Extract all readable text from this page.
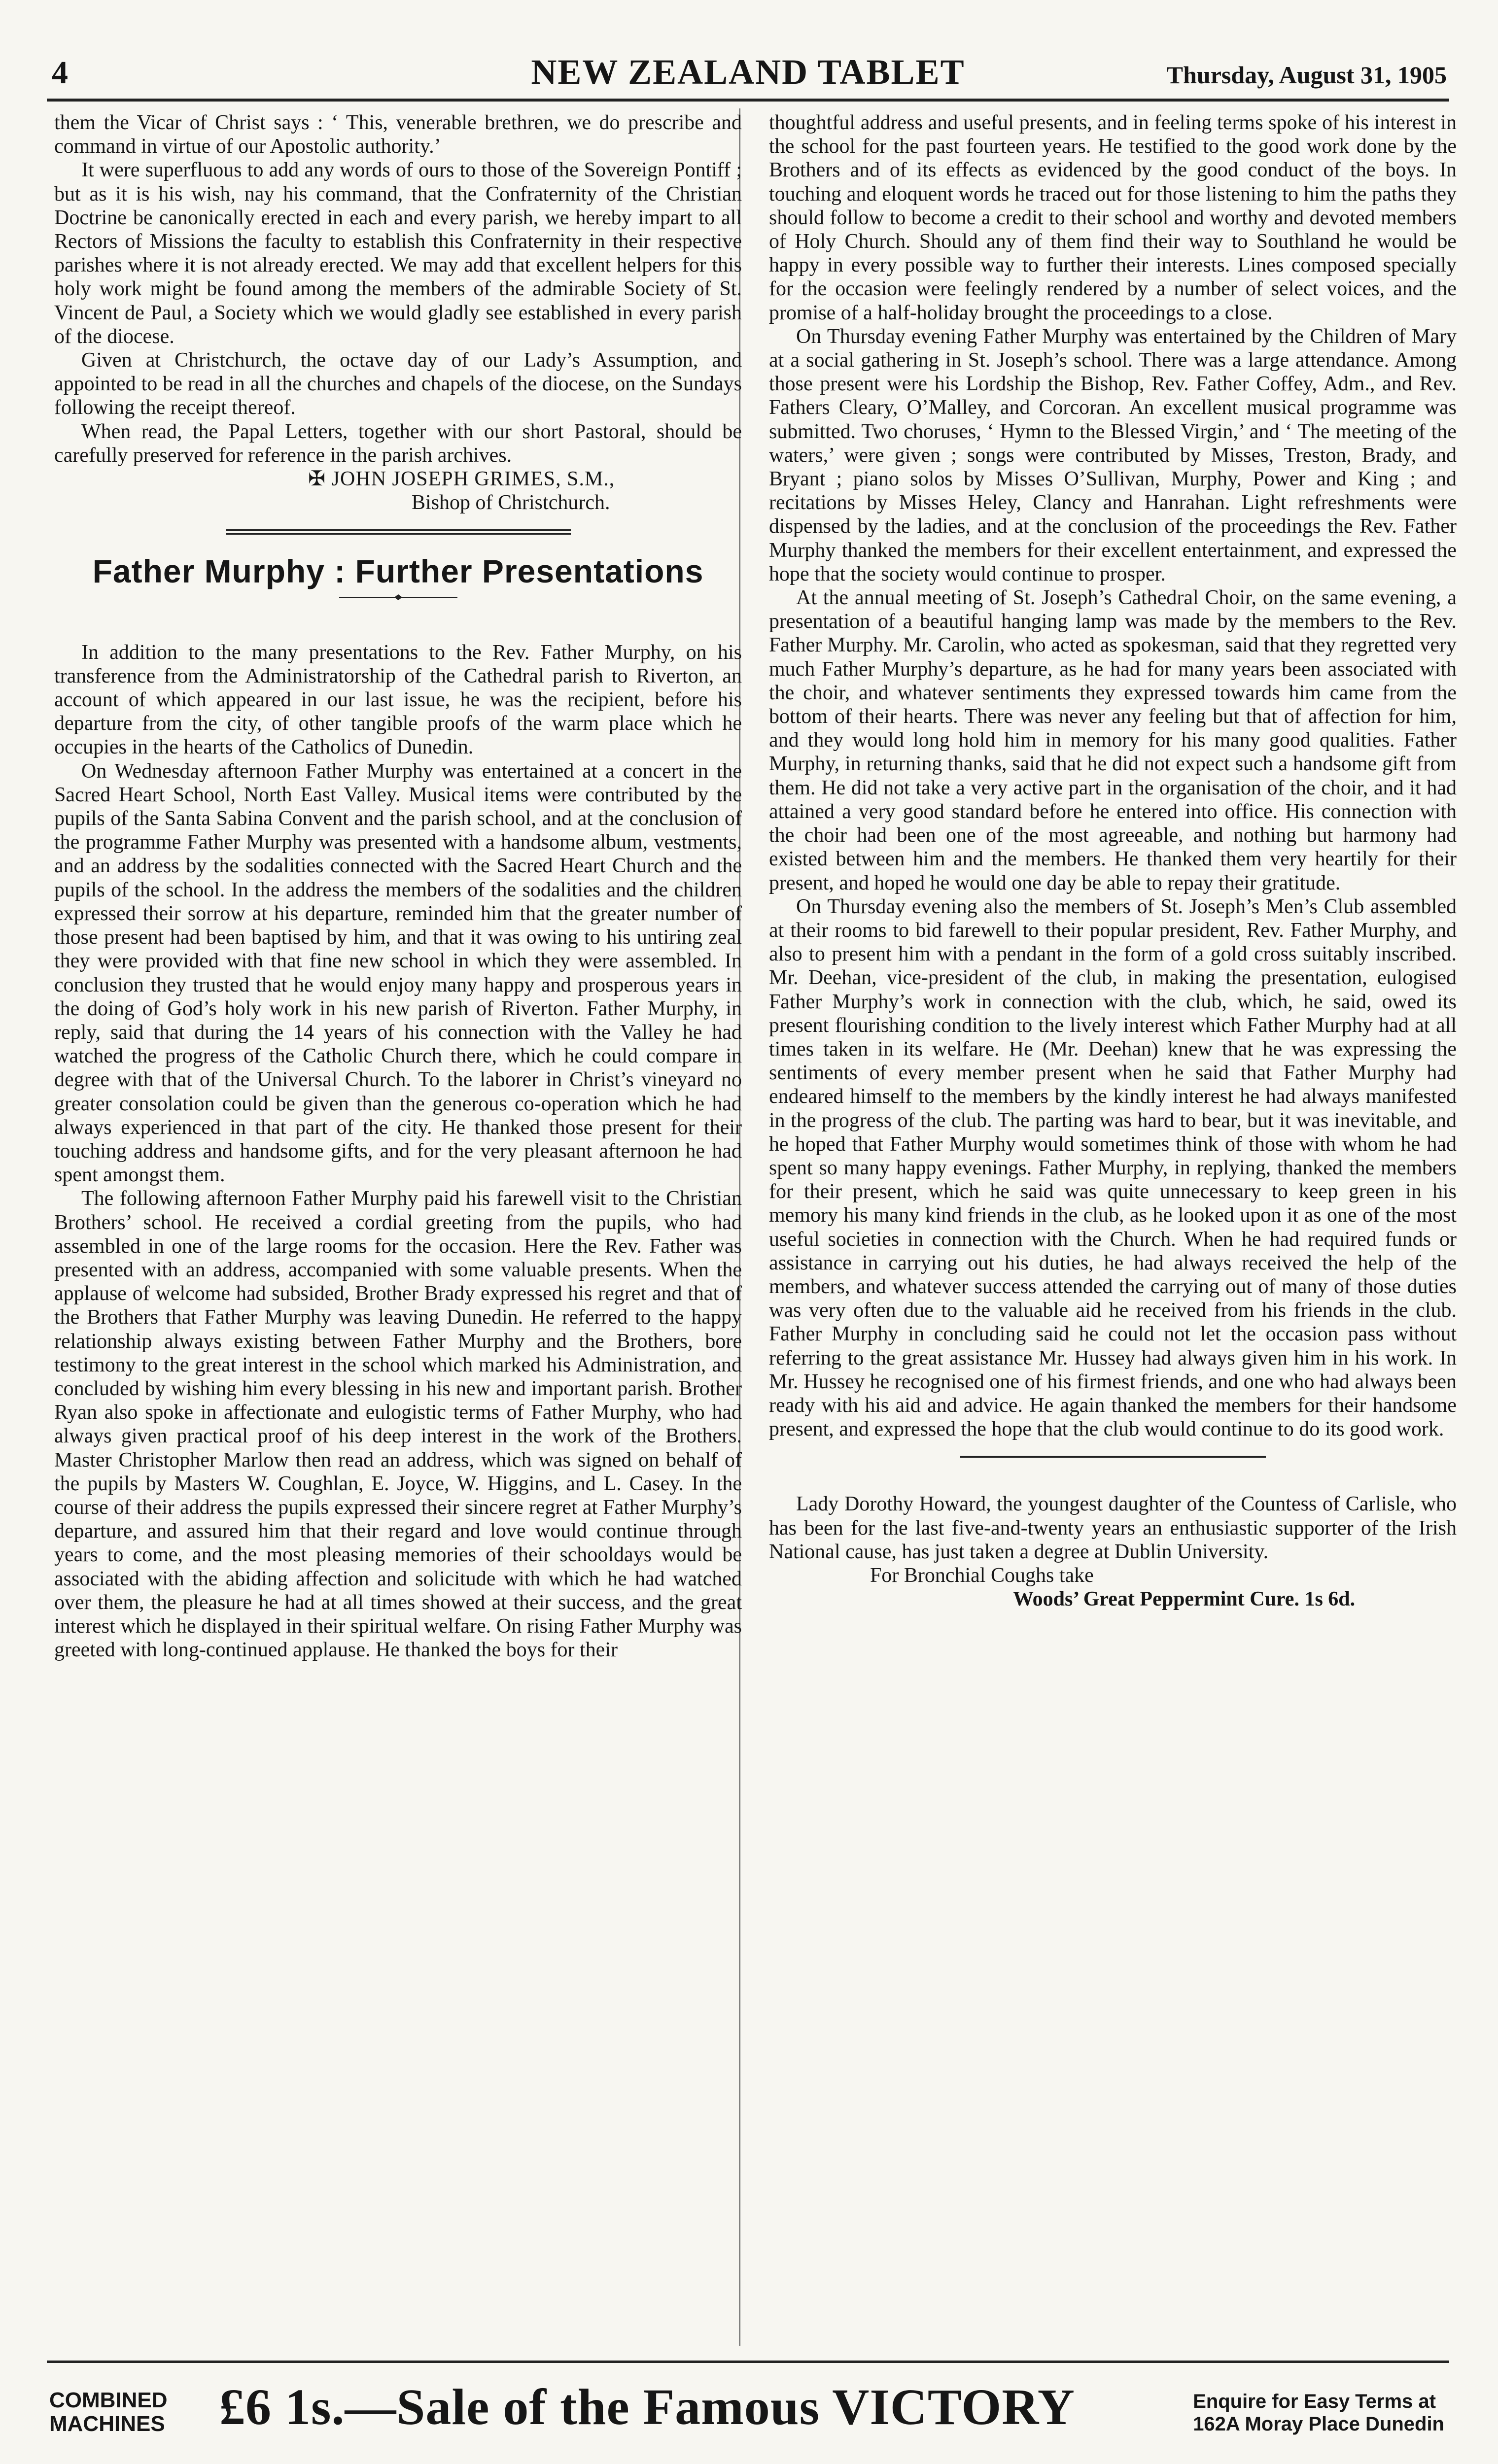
4	NEW ZEALAND TABLET	Thursday, August 31, 1905

them the Vicar of Christ says : ‘ This, venerable brethren, we do prescribe and command in virtue of our Apostolic authority.’

It were superfluous to add any words of ours to those of the Sovereign Pontiff ; but as it is his wish, nay his command, that the Confraternity of the Christian Doctrine be canonically erected in each and every parish, we hereby impart to all Rectors of Missions the faculty to establish this Confraternity in their respective parishes where it is not already erected. We may add that excellent helpers for this holy work might be found among the members of the admirable Society of St. Vincent de Paul, a Society which we would gladly see established in every parish of the diocese.

Given at Christchurch, the octave day of our Lady’s Assumption, and appointed to be read in all the churches and chapels of the diocese, on the Sundays following the receipt thereof.

When read, the Papal Letters, together with our short Pastoral, should be carefully preserved for reference in the parish archives.

✠ JOHN JOSEPH GRIMES, S.M.,

Bishop of Christchurch.

Father Murphy : Further Presentations

In addition to the many presentations to the Rev. Father Murphy, on his transference from the Administratorship of the Cathedral parish to Riverton, an account of which appeared in our last issue, he was the recipient, before his departure from the city, of other tangible proofs of the warm place which he occupies in the hearts of the Catholics of Dunedin.

On Wednesday afternoon Father Murphy was entertained at a concert in the Sacred Heart School, North East Valley. Musical items were contributed by the pupils of the Santa Sabina Convent and the parish school, and at the conclusion of the programme Father Murphy was presented with a handsome album, vestments, and an address by the sodalities connected with the Sacred Heart Church and the pupils of the school. In the address the members of the sodalities and the children expressed their sorrow at his departure, reminded him that the greater number of those present had been baptised by him, and that it was owing to his untiring zeal they were provided with that fine new school in which they were assembled. In conclusion they trusted that he would enjoy many happy and prosperous years in the doing of God’s holy work in his new parish of Riverton. Father Murphy, in reply, said that during the 14 years of his connection with the Valley he had watched the progress of the Catholic Church there, which he could compare in degree with that of the Universal Church. To the laborer in Christ’s vineyard no greater consolation could be given than the generous co-operation which he had always experienced in that part of the city. He thanked those present for their touching address and handsome gifts, and for the very pleasant afternoon he had spent amongst them.

The following afternoon Father Murphy paid his farewell visit to the Christian Brothers’ school. He received a cordial greeting from the pupils, who had assembled in one of the large rooms for the occasion. Here the Rev. Father was presented with an address, accompanied with some valuable presents. When the applause of welcome had subsided, Brother Brady expressed his regret and that of the Brothers that Father Murphy was leaving Dunedin. He referred to the happy relationship always existing between Father Murphy and the Brothers, bore testimony to the great interest in the school which marked his Administration, and concluded by wishing him every blessing in his new and important parish. Brother Ryan also spoke in affectionate and eulogistic terms of Father Murphy, who had always given practical proof of his deep interest in the work of the Brothers. Master Christopher Marlow then read an address, which was signed on behalf of the pupils by Masters W. Coughlan, E. Joyce, W. Higgins, and L. Casey. In the course of their address the pupils expressed their sincere regret at Father Murphy’s departure, and assured him that their regard and love would continue through years to come, and the most pleasing memories of their schooldays would be associated with the abiding affection and solicitude with which he had watched over them, the pleasure he had at all times showed at their success, and the great interest which he displayed in their spiritual welfare. On rising Father Murphy was greeted with long-continued applause. He thanked the boys for their

thoughtful address and useful presents, and in feeling terms spoke of his interest in the school for the past fourteen years. He testified to the good work done by the Brothers and of its effects as evidenced by the good conduct of the boys. In touching and eloquent words he traced out for those listening to him the paths they should follow to become a credit to their school and worthy and devoted members of Holy Church. Should any of them find their way to Southland he would be happy in every possible way to further their interests. Lines composed specially for the occasion were feelingly rendered by a number of select voices, and the promise of a half-holiday brought the proceedings to a close.

On Thursday evening Father Murphy was entertained by the Children of Mary at a social gathering in St. Joseph’s school. There was a large attendance. Among those present were his Lordship the Bishop, Rev. Father Coffey, Adm., and Rev. Fathers Cleary, O’Malley, and Corcoran. An excellent musical programme was submitted. Two choruses, ‘ Hymn to the Blessed Virgin,’ and ‘ The meeting of the waters,’ were given ; songs were contributed by Misses, Treston, Brady, and Bryant ; piano solos by Misses O’Sullivan, Murphy, Power and King ; and recitations by Misses Heley, Clancy and Hanrahan. Light refreshments were dispensed by the ladies, and at the conclusion of the proceedings the Rev. Father Murphy thanked the members for their excellent entertainment, and expressed the hope that the society would continue to prosper.

At the annual meeting of St. Joseph’s Cathedral Choir, on the same evening, a presentation of a beautiful hanging lamp was made by the members to the Rev. Father Murphy. Mr. Carolin, who acted as spokesman, said that they regretted very much Father Murphy’s departure, as he had for many years been associated with the choir, and whatever sentiments they expressed towards him came from the bottom of their hearts. There was never any feeling but that of affection for him, and they would long hold him in memory for his many good qualities. Father Murphy, in returning thanks, said that he did not expect such a handsome gift from them. He did not take a very active part in the organisation of the choir, and it had attained a very good standard before he entered into office. His connection with the choir had been one of the most agreeable, and nothing but harmony had existed between him and the members. He thanked them very heartily for their present, and hoped he would one day be able to repay their gratitude.

On Thursday evening also the members of St. Joseph’s Men’s Club assembled at their rooms to bid farewell to their popular president, Rev. Father Murphy, and also to present him with a pendant in the form of a gold cross suitably inscribed. Mr. Deehan, vice-president of the club, in making the presentation, eulogised Father Murphy’s work in connection with the club, which, he said, owed its present flourishing condition to the lively interest which Father Murphy had at all times taken in its welfare. He (Mr. Deehan) knew that he was expressing the sentiments of every member present when he said that Father Murphy had endeared himself to the members by the kindly interest he had always manifested in the progress of the club. The parting was hard to bear, but it was inevitable, and he hoped that Father Murphy would sometimes think of those with whom he had spent so many happy evenings. Father Murphy, in replying, thanked the members for their present, which he said was quite unnecessary to keep green in his memory his many kind friends in the club, as he looked upon it as one of the most useful societies in connection with the Church. When he had required funds or assistance in carrying out his duties, he had always received the help of the members, and whatever success attended the carrying out of many of those duties was very often due to the valuable aid he received from his friends in the club. Father Murphy in concluding said he could not let the occasion pass without referring to the great assistance Mr. Hussey had always given him in his work. In Mr. Hussey he recognised one of his firmest friends, and one who had always been ready with his aid and advice. He again thanked the members for their handsome present, and expressed the hope that the club would continue to do its good work.

Lady Dorothy Howard, the youngest daughter of the Countess of Carlisle, who has been for the last five-and-twenty years an enthusiastic supporter of the Irish National cause, has just taken a degree at Dublin University.

For Bronchial Coughs take

Woods’ Great Peppermint Cure. 1s 6d.

COMBINED
MACHINES £6 1s.—Sale of the Famous VICTORY	Enquire for Easy Terms at
162A Moray Place Dunedin
